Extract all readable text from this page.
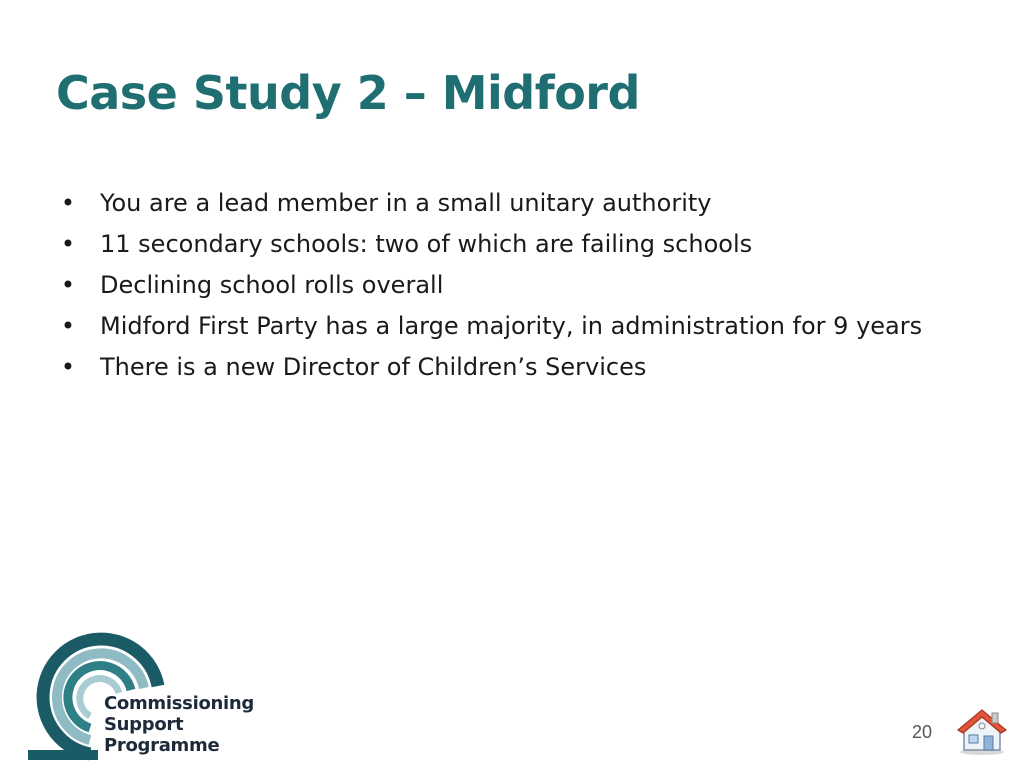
Case Study 2 – Midford
• You are a lead member in a small unitary authority
• 11 secondary schools: two of which are failing schools
• Declining school rolls overall
• Midford First Party has a large majority, in administration for 9 years
• There is a new Director of Children’s Services
Commissioning
Support
Programme
20
